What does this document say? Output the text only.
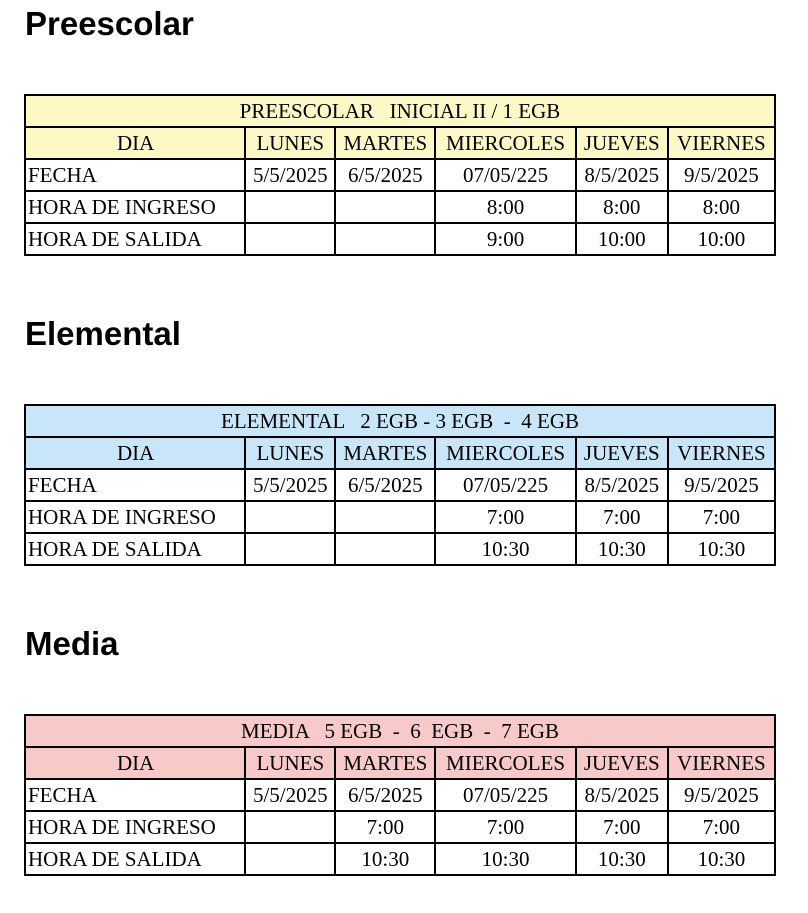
Preescolar
PREESCOLAR   INICIAL II / 1 EGB					
DIA	LUNES	MARTES	MIERCOLES	JUEVES	VIERNES
FECHA	5/5/2025	6/5/2025	07/05/225	8/5/2025	9/5/2025
HORA DE INGRESO			8:00	8:00	8:00
HORA DE SALIDA			9:00	10:00	10:00
Elemental
ELEMENTAL   2 EGB - 3 EGB  -  4 EGB					
DIA	LUNES	MARTES	MIERCOLES	JUEVES	VIERNES
FECHA	5/5/2025	6/5/2025	07/05/225	8/5/2025	9/5/2025
HORA DE INGRESO			7:00	7:00	7:00
HORA DE SALIDA			10:30	10:30	10:30
Media
MEDIA   5 EGB  -  6  EGB  -  7 EGB					
DIA	LUNES	MARTES	MIERCOLES	JUEVES	VIERNES
FECHA	5/5/2025	6/5/2025	07/05/225	8/5/2025	9/5/2025
HORA DE INGRESO		7:00	7:00	7:00	7:00
HORA DE SALIDA		10:30	10:30	10:30	10:30
